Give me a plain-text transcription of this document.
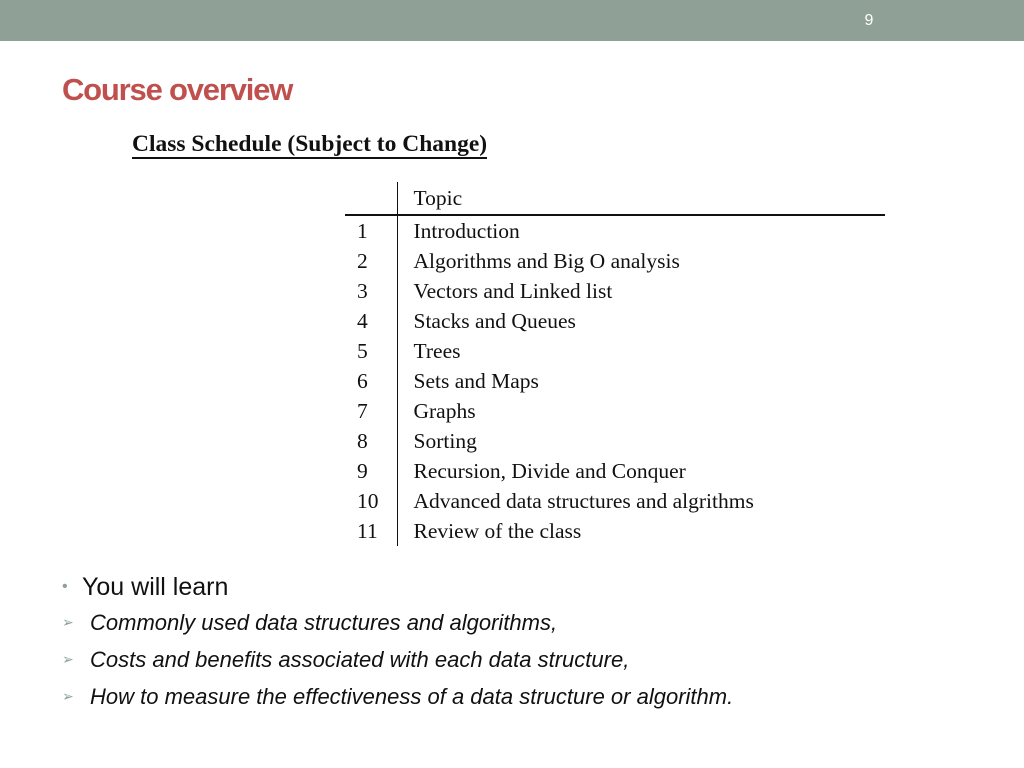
9
Course overview
Class Schedule (Subject to Change)
	Topic
1	Introduction
2	Algorithms and Big O analysis
3	Vectors and Linked list
4	Stacks and Queues
5	Trees
6	Sets and Maps
7	Graphs
8	Sorting
9	Recursion, Divide and Conquer
10	Advanced data structures and algrithms
11	Review of the class
• You will learn
➢ Commonly used data structures and algorithms,
➢ Costs and benefits associated with each data structure,
➢ How to measure the effectiveness of a data structure or algorithm.
